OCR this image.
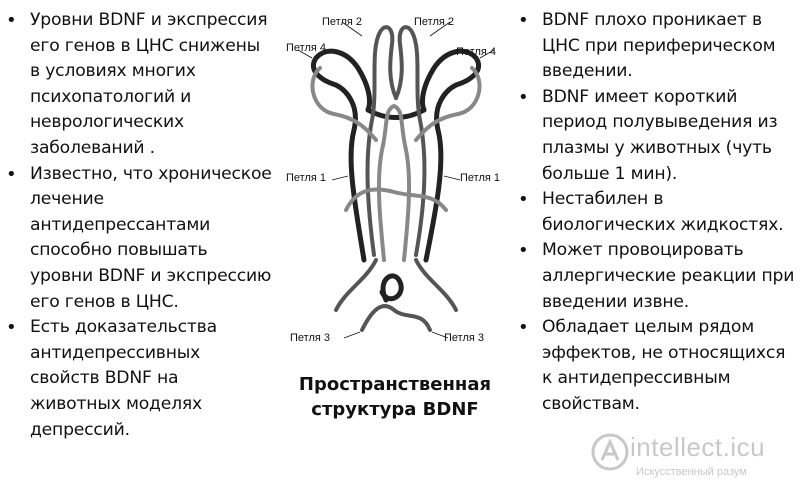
• Уровни BDNF и экспрессия его генов в ЦНС снижены в условиях многих психопатологий и неврологических заболеваний .
• Известно, что хроническое лечение антидепрессантами способно повышать уровни BDNF и экспрессию его генов в ЦНС.
• Есть доказательства антидепрессивных свойств BDNF на животных моделях депрессий.
Петля 2	Петля 2
Петля 4	Петля 4
Петля 1	Петля 1
Петля 3	Петля 3
Пространственная
структура BDNF
• BDNF плохо проникает в ЦНС при периферическом введении.
• BDNF имеет короткий период полувыведения из плазмы у животных (чуть больше 1 мин).
• Нестабилен в биологических жидкостях.
• Может провоцировать аллергические реакции при введении извне.
• Обладает целым рядом эффектов, не относящихся к антидепрессивным свойствам.
intellect.icu
Искусственный разум
